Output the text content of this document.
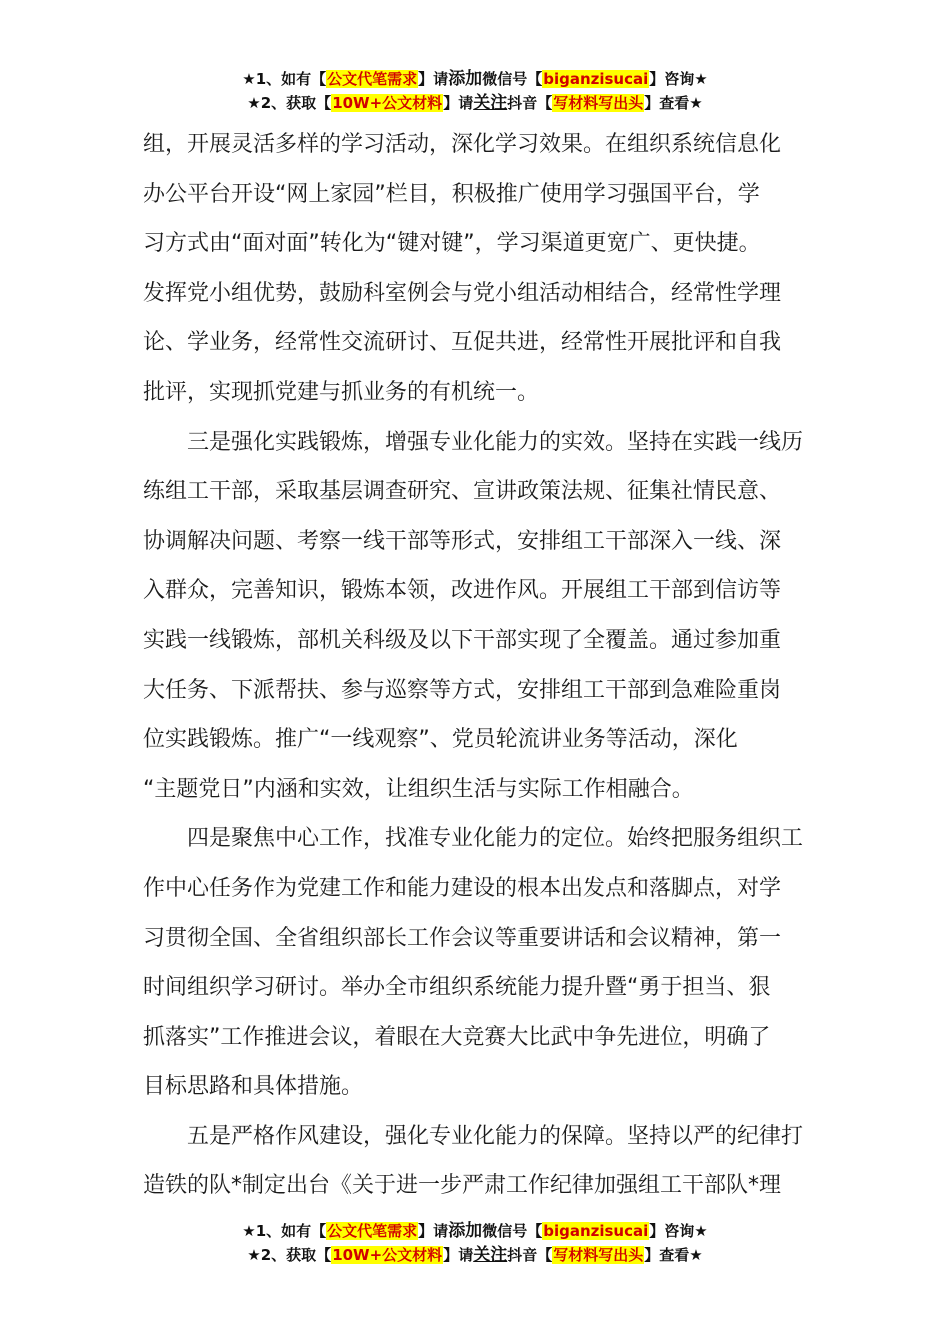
★1、如有【公文代笔需求】请添加微信号【biganzisucai】咨询★
★2、获取【10W+公文材料】请关注抖音【写材料写出头】查看★
组，开展灵活多样的学习活动，深化学习效果。在组织系统信息化
办公平台开设“网上家园”栏目，积极推广使用学习强国平台，学
习方式由“面对面”转化为“键对键”，学习渠道更宽广、更快捷。
发挥党小组优势，鼓励科室例会与党小组活动相结合，经常性学理
论、学业务，经常性交流研讨、互促共进，经常性开展批评和自我
批评，实现抓党建与抓业务的有机统一。
　　三是强化实践锻炼，增强专业化能力的实效。坚持在实践一线历
练组工干部，采取基层调查研究、宣讲政策法规、征集社情民意、
协调解决问题、考察一线干部等形式，安排组工干部深入一线、深
入群众，完善知识，锻炼本领，改进作风。开展组工干部到信访等
实践一线锻炼，部机关科级及以下干部实现了全覆盖。通过参加重
大任务、下派帮扶、参与巡察等方式，安排组工干部到急难险重岗
位实践锻炼。推广“一线观察”、党员轮流讲业务等活动，深化
“主题党日”内涵和实效，让组织生活与实际工作相融合。
　　四是聚焦中心工作，找准专业化能力的定位。始终把服务组织工
作中心任务作为党建工作和能力建设的根本出发点和落脚点，对学
习贯彻全国、全省组织部长工作会议等重要讲话和会议精神，第一
时间组织学习研讨。举办全市组织系统能力提升暨“勇于担当、狠
抓落实”工作推进会议，着眼在大竞赛大比武中争先进位，明确了
目标思路和具体措施。
　　五是严格作风建设，强化专业化能力的保障。坚持以严的纪律打
造铁的队*制定出台《关于进一步严肃工作纪律加强组工干部队*理
★1、如有【公文代笔需求】请添加微信号【biganzisucai】咨询★
★2、获取【10W+公文材料】请关注抖音【写材料写出头】查看★
